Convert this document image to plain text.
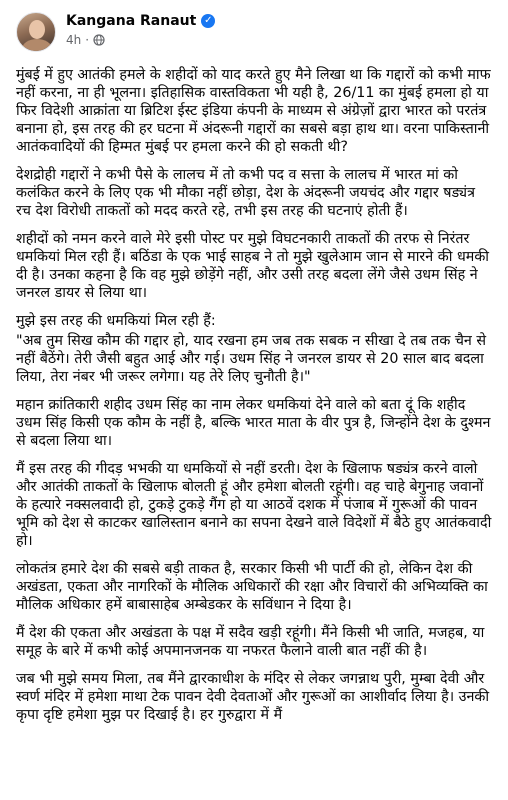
Kangana Ranaut ✓
4h ·

मुंबई में हुए आतंकी हमले के शहीदों को याद करते हुए मैने लिखा था कि गद्दारों को कभी माफ नहीं करना, ना ही भूलना। इतिहासिक वास्तविकता भी यही है, 26/11 का मुंबई हमला हो या फिर विदेशी आक्रांता या ब्रिटिश ईस्ट इंडिया कंपनी के माध्यम से अंग्रेज़ों द्वारा भारत को परतंत्र बनाना हो, इस तरह की हर घटना में अंदरूनी गद्दारों का सबसे बड़ा हाथ था। वरना पाकिस्तानी आतंकवादियों की हिम्मत मुंबई पर हमला करने की हो सकती थी?

देशद्रोही गद्दारों ने कभी पैसे के लालच में तो कभी पद व सत्ता के लालच में भारत मां को कलंकित करने के लिए एक भी मौका नहीं छोड़ा, देश के अंदरूनी जयचंद और गद्दार षड्यंत्र रच देश विरोधी ताकतों को मदद करते रहे, तभी इस तरह की घटनाएं होती हैं।

शहीदों को नमन करने वाले मेरे इसी पोस्ट पर मुझे विघटनकारी ताकतों की तरफ से निरंतर धमकियां मिल रही हैं। बठिंडा के एक भाई साहब ने तो मुझे खुलेआम जान से मारने की धमकी दी है। उनका कहना है कि वह मुझे छोड़ेंगे नहीं, और उसी तरह बदला लेंगे जैसे उधम सिंह ने जनरल डायर से लिया था।

मुझे इस तरह की धमकियां मिल रही हैं:

"अब तुम सिख कौम की गद्दार हो, याद रखना हम जब तक सबक न सीखा दे तब तक चैन से नहीं बैठेंगे। तेरी जैसी बहुत आई और गई। उधम सिंह ने जनरल डायर से 20 साल बाद बदला लिया, तेरा नंबर भी जरूर लगेगा। यह तेरे लिए चुनौती है।"

महान क्रांतिकारी शहीद उधम सिंह का नाम लेकर धमकियां देने वाले को बता दूं कि शहीद उधम सिंह किसी एक कौम के नहीं है, बल्कि भारत माता के वीर पुत्र है, जिन्होंने देश के दुश्मन से बदला लिया था।

मैं इस तरह की गीदड़ भभकी या धमकियों से नहीं डरती। देश के खिलाफ षड्यंत्र करने वालो और आतंकी ताकतों के खिलाफ बोलती हूं और हमेशा बोलती रहूंगी। वह चाहे बेगुनाह जवानों के हत्यारे नक्सलवादी हो, टुकड़े टुकड़े गैंग हो या आठवें दशक में पंजाब में गुरूओं की पावन भूमि को देश से काटकर खालिस्तान बनाने का सपना देखने वाले विदेशों में बैठे हुए आतंकवादी हो।

लोकतंत्र हमारे देश की सबसे बड़ी ताकत है, सरकार किसी भी पार्टी की हो, लेकिन देश की अखंडता, एकता और नागरिकों के मौलिक अधिकारों की रक्षा और विचारों की अभिव्यक्ति का मौलिक अधिकार हमें बाबासाहेब अम्बेडकर के सविंधान ने दिया है।

मैं देश की एकता और अखंडता के पक्ष में सदैव खड़ी रहूंगी। मैंने किसी भी जाति, मजहब, या समूह के बारे में कभी कोई अपमानजनक या नफरत फैलाने वाली बात नहीं की है।

जब भी मुझे समय मिला, तब मैंने द्वारकाधीश के मंदिर से लेकर जगन्नाथ पुरी, मुम्बा देवी और स्वर्ण मंदिर में हमेशा माथा टेक पावन देवी देवताओं और गुरूओं का आशीर्वाद लिया है। उनकी कृपा दृष्टि हमेशा मुझ पर दिखाई है। हर गुरुद्वारा में मैं
